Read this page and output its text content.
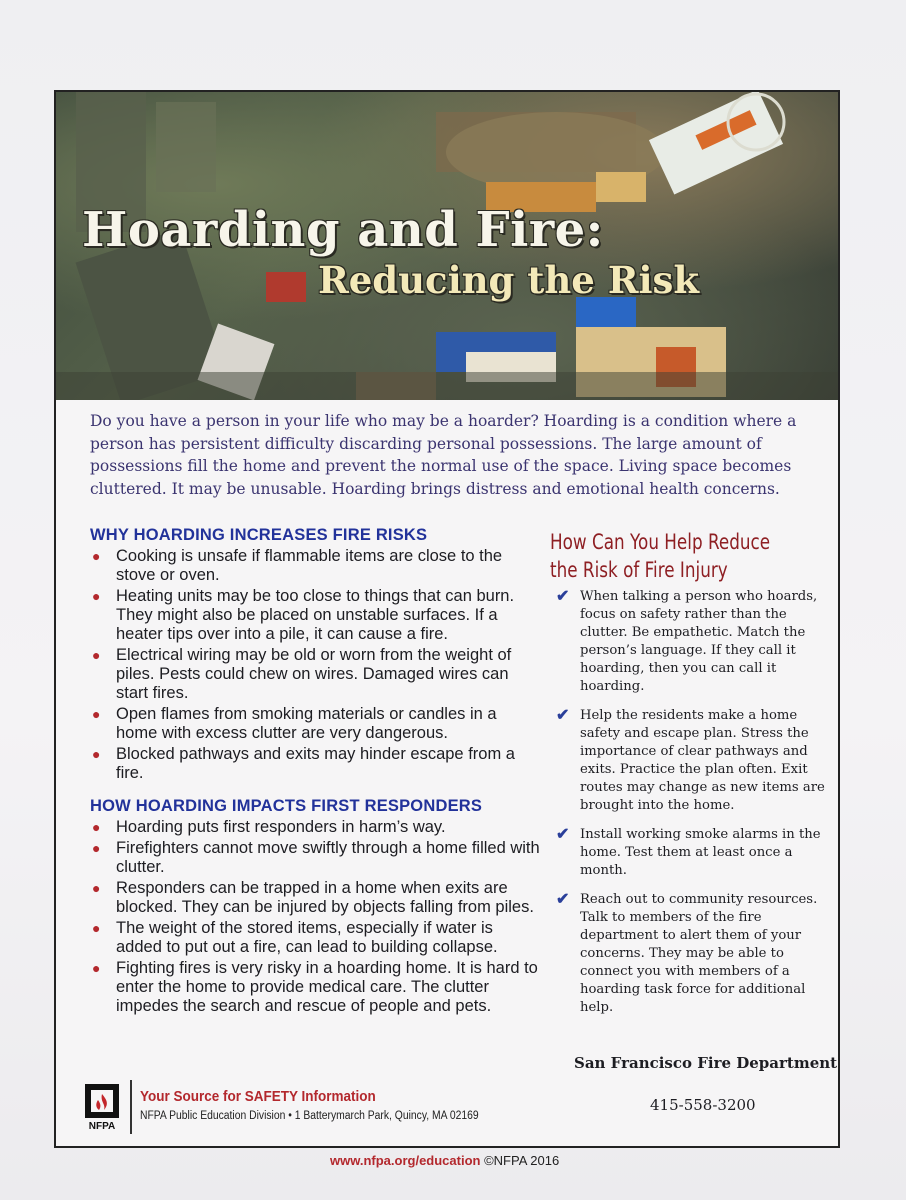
Hoarding and Fire:
Reducing the Risk
Do you have a person in your life who may be a hoarder? Hoarding is a condition where a person has persistent difficulty discarding personal possessions. The large amount of possessions fill the home and prevent the normal use of the space. Living space becomes cluttered. It may be unusable. Hoarding brings distress and emotional health concerns.
WHY HOARDING INCREASES FIRE RISKS
● Cooking is unsafe if flammable items are close to the stove or oven.
● Heating units may be too close to things that can burn. They might also be placed on unstable surfaces. If a heater tips over into a pile, it can cause a fire.
● Electrical wiring may be old or worn from the weight of piles. Pests could chew on wires. Damaged wires can start fires.
● Open flames from smoking materials or candles in a home with excess clutter are very dangerous.
● Blocked pathways and exits may hinder escape from a fire.
HOW HOARDING IMPACTS FIRST RESPONDERS
● Hoarding puts first responders in harm’s way.
● Firefighters cannot move swiftly through a home filled with clutter.
● Responders can be trapped in a home when exits are blocked. They can be injured by objects falling from piles.
● The weight of the stored items, especially if water is added to put out a fire, can lead to building collapse.
● Fighting fires is very risky in a hoarding home. It is hard to enter the home to provide medical care. The clutter impedes the search and rescue of people and pets.
How Can You Help Reduce
the Risk of Fire Injury
✔ When talking a person who hoards, focus on safety rather than the clutter. Be empathetic. Match the person’s language. If they call it hoarding, then you can call it hoarding.
✔ Help the residents make a home safety and escape plan. Stress the importance of clear pathways and exits. Practice the plan often. Exit routes may change as new items are brought into the home.
✔ Install working smoke alarms in the home. Test them at least once a month.
✔ Reach out to community resources. Talk to members of the fire department to alert them of your concerns. They may be able to connect you with members of a hoarding task force for additional help.
San Francisco Fire Department
415-558-3200
NFPA
Your Source for SAFETY Information
NFPA Public Education Division • 1 Batterymarch Park, Quincy, MA 02169
www.nfpa.org/education ©NFPA 2016
